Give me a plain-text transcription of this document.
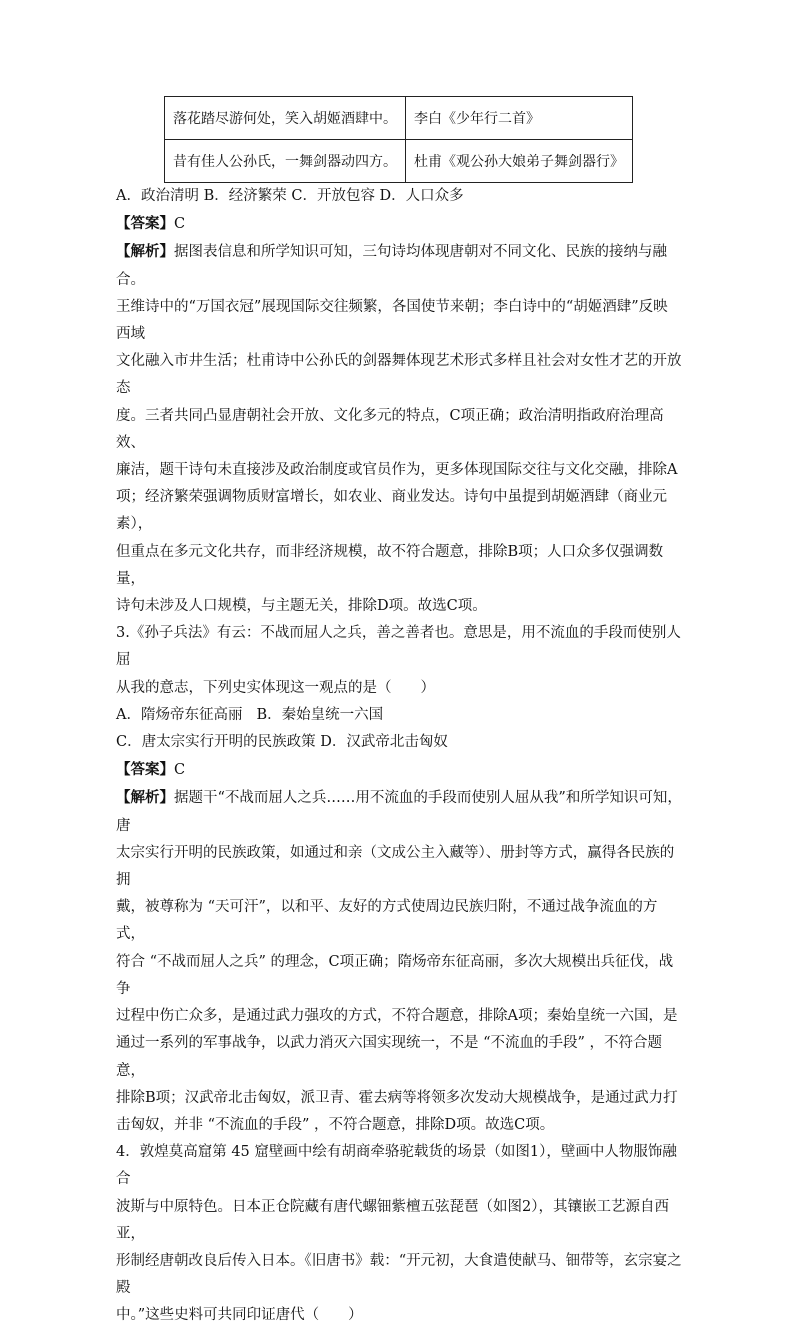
落花踏尽游何处，笑入胡姬酒肆中。	李白《少年行二首》
昔有佳人公孙氏，一舞剑器动四方。	杜甫《观公孙大娘弟子舞剑器行》

A．政治清明 B．经济繁荣 C．开放包容 D．人口众多

【答案】C

【解析】据图表信息和所学知识可知，三句诗均体现唐朝对不同文化、民族的接纳与融合。

王维诗中的“万国衣冠”展现国际交往频繁，各国使节来朝；李白诗中的“胡姬酒肆”反映西域

文化融入市井生活；杜甫诗中公孙氏的剑器舞体现艺术形式多样且社会对女性才艺的开放态

度。三者共同凸显唐朝社会开放、文化多元的特点，C项正确；政治清明指政府治理高效、

廉洁，题干诗句未直接涉及政治制度或官员作为，更多体现国际交往与文化交融，排除A

项；经济繁荣强调物质财富增长，如农业、商业发达。诗句中虽提到胡姬酒肆（商业元素），

但重点在多元文化共存，而非经济规模，故不符合题意，排除B项；人口众多仅强调数量，

诗句未涉及人口规模，与主题无关，排除D项。故选C项。

3.《孙子兵法》有云：不战而屈人之兵，善之善者也。意思是，用不流血的手段而使别人屈

从我的意志，下列史实体现这一观点的是（　　）

A．隋炀帝东征高丽 B．秦始皇统一六国

C．唐太宗实行开明的民族政策 D．汉武帝北击匈奴

【答案】C

【解析】据题干“不战而屈人之兵……用不流血的手段而使别人屈从我”和所学知识可知，唐

太宗实行开明的民族政策，如通过和亲（文成公主入藏等）、册封等方式，赢得各民族的拥

戴，被尊称为 “天可汗”，以和平、友好的方式使周边民族归附，不通过战争流血的方式，

符合 “不战而屈人之兵” 的理念，C项正确；隋炀帝东征高丽，多次大规模出兵征伐，战争

过程中伤亡众多，是通过武力强攻的方式，不符合题意，排除A项；秦始皇统一六国，是

通过一系列的军事战争，以武力消灭六国实现统一，不是 “不流血的手段” ，不符合题意，

排除B项；汉武帝北击匈奴，派卫青、霍去病等将领多次发动大规模战争，是通过武力打

击匈奴，并非 “不流血的手段” ，不符合题意，排除D项。故选C项。

4．敦煌莫高窟第 45 窟壁画中绘有胡商牵骆驼载货的场景（如图1），壁画中人物服饰融合

波斯与中原特色。日本正仓院藏有唐代螺钿紫檀五弦琵琶（如图2），其镶嵌工艺源自西亚，

形制经唐朝改良后传入日本。《旧唐书》载：“开元初，大食遣使献马、钿带等，玄宗宴之殿

中。”这些史料可共同印证唐代（　　）
